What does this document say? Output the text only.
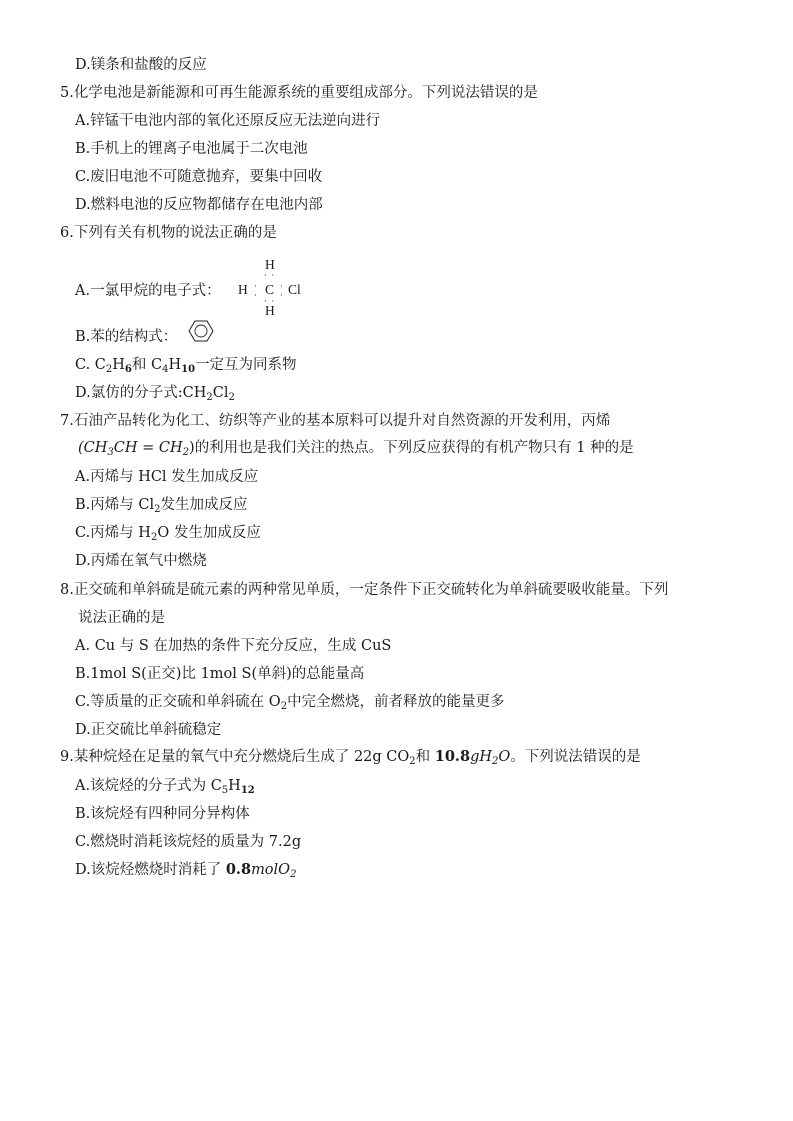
D.镁条和盐酸的反应
5.化学电池是新能源和可再生能源系统的重要组成部分。下列说法错误的是
A.锌锰干电池内部的氧化还原反应无法逆向进行
B.手机上的锂离子电池属于二次电池
C.废旧电池不可随意抛弃，要集中回收
D.燃料电池的反应物都储存在电池内部
6.下列有关有机物的说法正确的是
A.一氯甲烷的电子式：
H
· ·
H ·
· C ·
· Cl
· ·
H
B.苯的结构式：
C. $C_2H_6$和 $C_4H_{10}$一定互为同系物
D.氯仿的分子式$:CH_2Cl_2$
7.石油产品转化为化工、纺织等产业的基本原料可以提升对自然资源的开发利用，丙烯
$(CH_3CH = CH_2)$的利用也是我们关注的热点。下列反应获得的有机产物只有 1 种的是
A.丙烯与 HCl 发生加成反应
B.丙烯与 $Cl_2$发生加成反应
C.丙烯与 $H_2O$ 发生加成反应
D.丙烯在氧气中燃烧
8.正交硫和单斜硫是硫元素的两种常见单质，一定条件下正交硫转化为单斜硫要吸收能量。下列
说法正确的是
A. Cu 与 S 在加热的条件下充分反应，生成 CuS
B.1mol S(正交)比 1mol S(单斜)的总能量高
C.等质量的正交硫和单斜硫在 $O_2$中完全燃烧，前者释放的能量更多
D.正交硫比单斜硫稳定
9.某种烷烃在足量的氧气中充分燃烧后生成了 22g $CO_2$和 $10.8gH_2O$。下列说法错误的是
A.该烷烃的分子式为 $C_5H_{12}$
B.该烷烃有四种同分异构体
C.燃烧时消耗该烷烃的质量为 7.2g
D.该烷烃燃烧时消耗了 0.8molO$_2$
